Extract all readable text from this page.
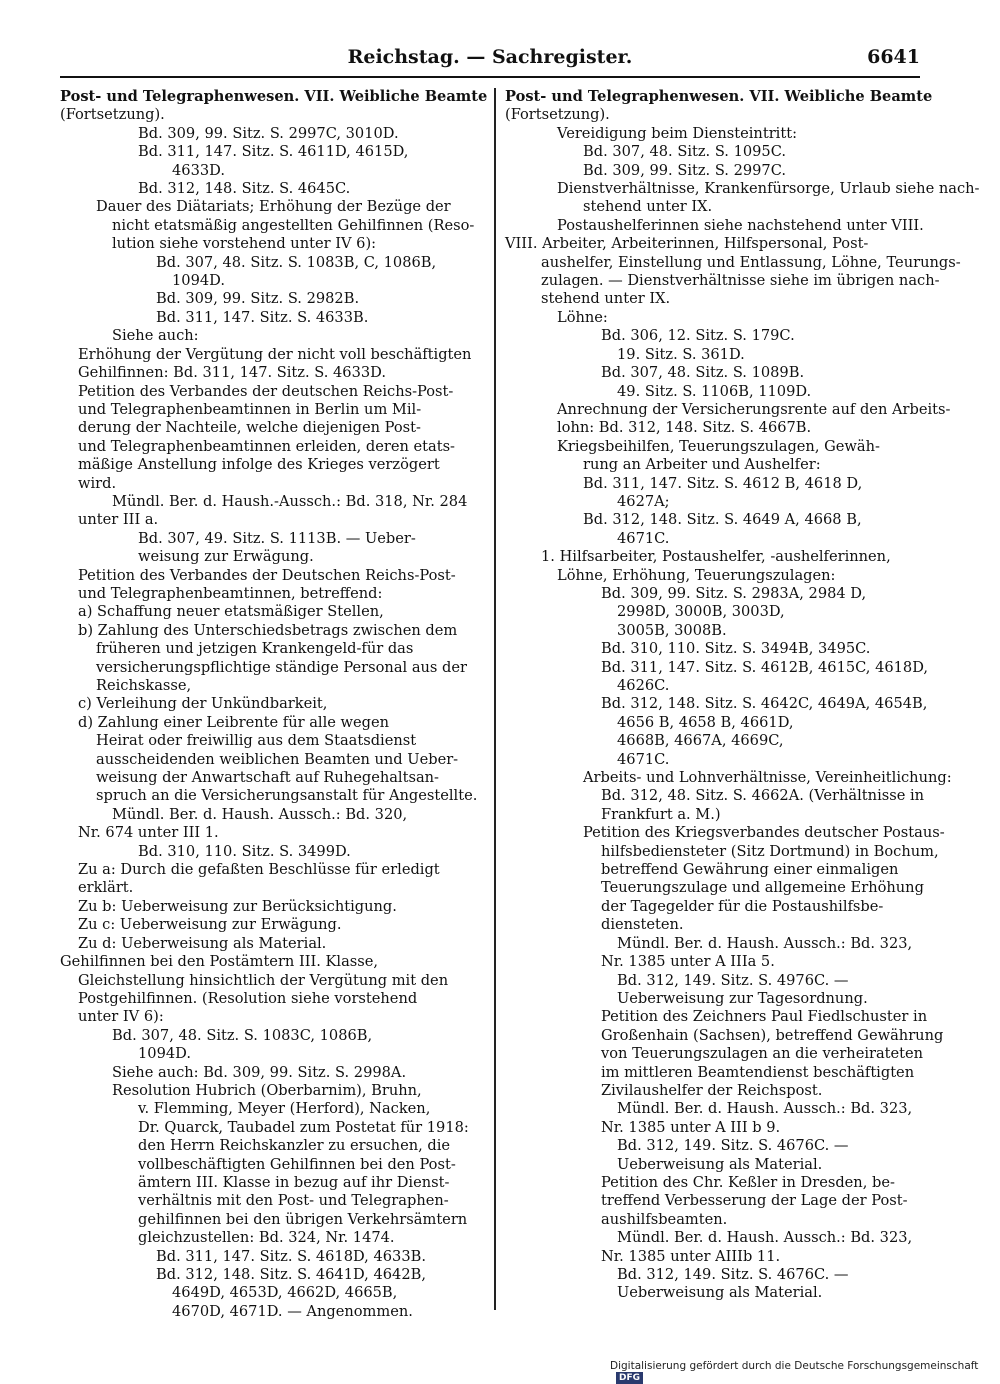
Reichstag. — Sachregister.	6641
Post- und Telegraphenwesen. VII. Weibliche Beamte
(Fortsetzung).
Bd. 309, 99. Sitz. S. 2997C, 3010D.
Bd. 311, 147. Sitz. S. 4611D, 4615D,
4633D.
Bd. 312, 148. Sitz. S. 4645C.
Dauer des Diätariats; Erhöhung der Bezüge der
nicht etatsmäßig angestellten Gehilfinnen (Reso-
lution siehe vorstehend unter IV 6):
Bd. 307, 48. Sitz. S. 1083B, C, 1086B,
1094D.
Bd. 309, 99. Sitz. S. 2982B.
Bd. 311, 147. Sitz. S. 4633B.
Siehe auch:
Erhöhung der Vergütung der nicht voll beschäftigten
Gehilfinnen: Bd. 311, 147. Sitz. S. 4633D.
Petition des Verbandes der deutschen Reichs-Post-
und Telegraphenbeamtinnen in Berlin um Mil-
derung der Nachteile, welche diejenigen Post-
und Telegraphenbeamtinnen erleiden, deren etats-
mäßige Anstellung infolge des Krieges verzögert
wird.
Mündl. Ber. d. Haush.-Aussch.: Bd. 318, Nr. 284
unter III a.
Bd. 307, 49. Sitz. S. 1113B. — Ueber-
weisung zur Erwägung.
Petition des Verbandes der Deutschen Reichs-Post-
und Telegraphenbeamtinnen, betreffend:
a) Schaffung neuer etatsmäßiger Stellen,
b) Zahlung des Unterschiedsbetrags zwischen dem
früheren und jetzigen Krankengeld-für das
versicherungspflichtige ständige Personal aus der
Reichskasse,
c) Verleihung der Unkündbarkeit,
d) Zahlung einer Leibrente für alle wegen
Heirat oder freiwillig aus dem Staatsdienst
ausscheidenden weiblichen Beamten und Ueber-
weisung der Anwartschaft auf Ruhegehaltsan-
spruch an die Versicherungsanstalt für Angestellte.
Mündl. Ber. d. Haush. Aussch.: Bd. 320,
Nr. 674 unter III 1.
Bd. 310, 110. Sitz. S. 3499D.
Zu a: Durch die gefaßten Beschlüsse für erledigt
erklärt.
Zu b: Ueberweisung zur Berücksichtigung.
Zu c: Ueberweisung zur Erwägung.
Zu d: Ueberweisung als Material.
Gehilfinnen bei den Postämtern III. Klasse,
Gleichstellung hinsichtlich der Vergütung mit den
Postgehilfinnen. (Resolution siehe vorstehend
unter IV 6):
Bd. 307, 48. Sitz. S. 1083C, 1086B,
1094D.
Siehe auch: Bd. 309, 99. Sitz. S. 2998A.
Resolution Hubrich (Oberbarnim), Bruhn,
v. Flemming, Meyer (Herford), Nacken,
Dr. Quarck, Taubadel zum Postetat für 1918:
den Herrn Reichskanzler zu ersuchen, die
vollbeschäftigten Gehilfinnen bei den Post-
ämtern III. Klasse in bezug auf ihr Dienst-
verhältnis mit den Post- und Telegraphen-
gehilfinnen bei den übrigen Verkehrsämtern
gleichzustellen: Bd. 324, Nr. 1474.
Bd. 311, 147. Sitz. S. 4618D, 4633B.
Bd. 312, 148. Sitz. S. 4641D, 4642B,
4649D, 4653D, 4662D, 4665B,
4670D, 4671D. — Angenommen.
Post- und Telegraphenwesen. VII. Weibliche Beamte
(Fortsetzung).
Vereidigung beim Diensteintritt:
Bd. 307, 48. Sitz. S. 1095C.
Bd. 309, 99. Sitz. S. 2997C.
Dienstverhältnisse, Krankenfürsorge, Urlaub siehe nach-
stehend unter IX.
Postaushelferinnen siehe nachstehend unter VIII.
VIII. Arbeiter, Arbeiterinnen, Hilfspersonal, Post-
aushelfer, Einstellung und Entlassung, Löhne, Teurungs-
zulagen. — Dienstverhältnisse siehe im übrigen nach-
stehend unter IX.
Löhne:
Bd. 306, 12. Sitz. S. 179C.
19. Sitz. S. 361D.
Bd. 307, 48. Sitz. S. 1089B.
49. Sitz. S. 1106B, 1109D.
Anrechnung der Versicherungsrente auf den Arbeits-
lohn: Bd. 312, 148. Sitz. S. 4667B.
Kriegsbeihilfen, Teuerungszulagen, Gewäh-
rung an Arbeiter und Aushelfer:
Bd. 311, 147. Sitz. S. 4612 B, 4618 D,
4627A;
Bd. 312, 148. Sitz. S. 4649 A, 4668 B,
4671C.
1. Hilfsarbeiter, Postaushelfer, -aushelferinnen,
Löhne, Erhöhung, Teuerungszulagen:
Bd. 309, 99. Sitz. S. 2983A, 2984 D,
2998D, 3000B, 3003D,
3005B, 3008B.
Bd. 310, 110. Sitz. S. 3494B, 3495C.
Bd. 311, 147. Sitz. S. 4612B, 4615C, 4618D,
4626C.
Bd. 312, 148. Sitz. S. 4642C, 4649A, 4654B,
4656 B, 4658 B, 4661D,
4668B, 4667A, 4669C,
4671C.
Arbeits- und Lohnverhältnisse, Vereinheitlichung:
Bd. 312, 48. Sitz. S. 4662A. (Verhältnisse in
Frankfurt a. M.)
Petition des Kriegsverbandes deutscher Postaus-
hilfsbediensteter (Sitz Dortmund) in Bochum,
betreffend Gewährung einer einmaligen
Teuerungszulage und allgemeine Erhöhung
der Tagegelder für die Postaushilfsbe-
diensteten.
Mündl. Ber. d. Haush. Aussch.: Bd. 323,
Nr. 1385 unter A IIIa 5.
Bd. 312, 149. Sitz. S. 4976C. —
Ueberweisung zur Tagesordnung.
Petition des Zeichners Paul Fiedlschuster in
Großenhain (Sachsen), betreffend Gewährung
von Teuerungszulagen an die verheirateten
im mittleren Beamtendienst beschäftigten
Zivilaushelfer der Reichspost.
Mündl. Ber. d. Haush. Aussch.: Bd. 323,
Nr. 1385 unter A III b 9.
Bd. 312, 149. Sitz. S. 4676C. —
Ueberweisung als Material.
Petition des Chr. Keßler in Dresden, be-
treffend Verbesserung der Lage der Post-
aushilfsbeamten.
Mündl. Ber. d. Haush. Aussch.: Bd. 323,
Nr. 1385 unter AIIIb 11.
Bd. 312, 149. Sitz. S. 4676C. —
Ueberweisung als Material.
Digitalisierung gefördert durch die Deutsche Forschungsgemeinschaft DFG
